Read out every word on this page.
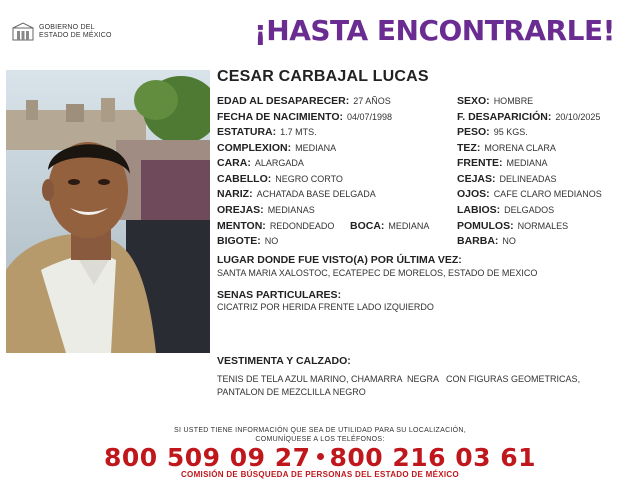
GOBIERNO DEL
ESTADO DE MÉXICO	¡HASTA ENCONTRARLE!
CESAR CARBAJAL LUCAS
EDAD AL DESAPARECER: 27 AÑOS
FECHA DE NACIMIENTO: 04/07/1998
ESTATURA: 1.7 MTS.
COMPLEXION: MEDIANA
CARA: ALARGADA
CABELLO: NEGRO CORTO
NARIZ: ACHATADA BASE DELGADA
OREJAS: MEDIANAS
MENTON: REDONDEADO BOCA: MEDIANA
BIGOTE: NO
SEXO: HOMBRE
F. DESAPARICIÓN: 20/10/2025
PESO: 95 KGS.
TEZ: MORENA CLARA
FRENTE: MEDIANA
CEJAS: DELINEADAS
OJOS: CAFE CLARO MEDIANOS
LABIOS: DELGADOS
POMULOS: NORMALES
BARBA: NO
LUGAR DONDE FUE VISTO(A) POR ÚLTIMA VEZ:
SANTA MARIA XALOSTOC, ECATEPEC DE MORELOS, ESTADO DE MEXICO
SENAS PARTICULARES:
CICATRIZ POR HERIDA FRENTE LADO IZQUIERDO
VESTIMENTA Y CALZADO:
TENIS DE TELA AZUL MARINO, CHAMARRA  NEGRA   CON FIGURAS GEOMETRICAS,
PANTALON DE MEZCLILLA NEGRO
SI USTED TIENE INFORMACIÓN QUE SEA DE UTILIDAD PARA SU LOCALIZACIÓN,
COMUNÍQUESE A LOS TELÉFONOS:
800 509 09 27 800 216 03 61
COMISIÓN DE BÚSQUEDA DE PERSONAS DEL ESTADO DE MÉXICO
